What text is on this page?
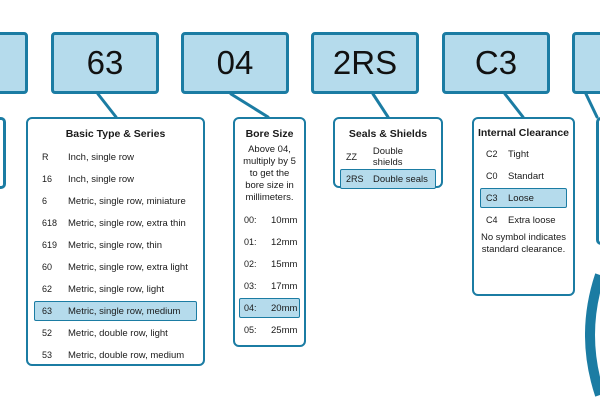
63	04	2RS	C3
Basic Type & Series
R	Inch, single row
16	Inch, single row
6	Metric, single row, miniature
618	Metric, single row, extra thin
619	Metric, single row, thin
60	Metric, single row, extra light
62	Metric, single row, light
63	Metric, single row, medium
52	Metric, double row, light
53	Metric, double row, medium
Bore Size
Above 04, multiply by 5 to get the bore size in millimeters.
00:	10mm
01:	12mm
02:	15mm
03:	17mm
04:	20mm
05:	25mm
Seals & Shields
ZZ	Double shields
2RS Double seals
Internal Clearance
C2	Tight
C0	Standart
C3	Loose
C4	Extra loose
No symbol indicates standard clearance.
